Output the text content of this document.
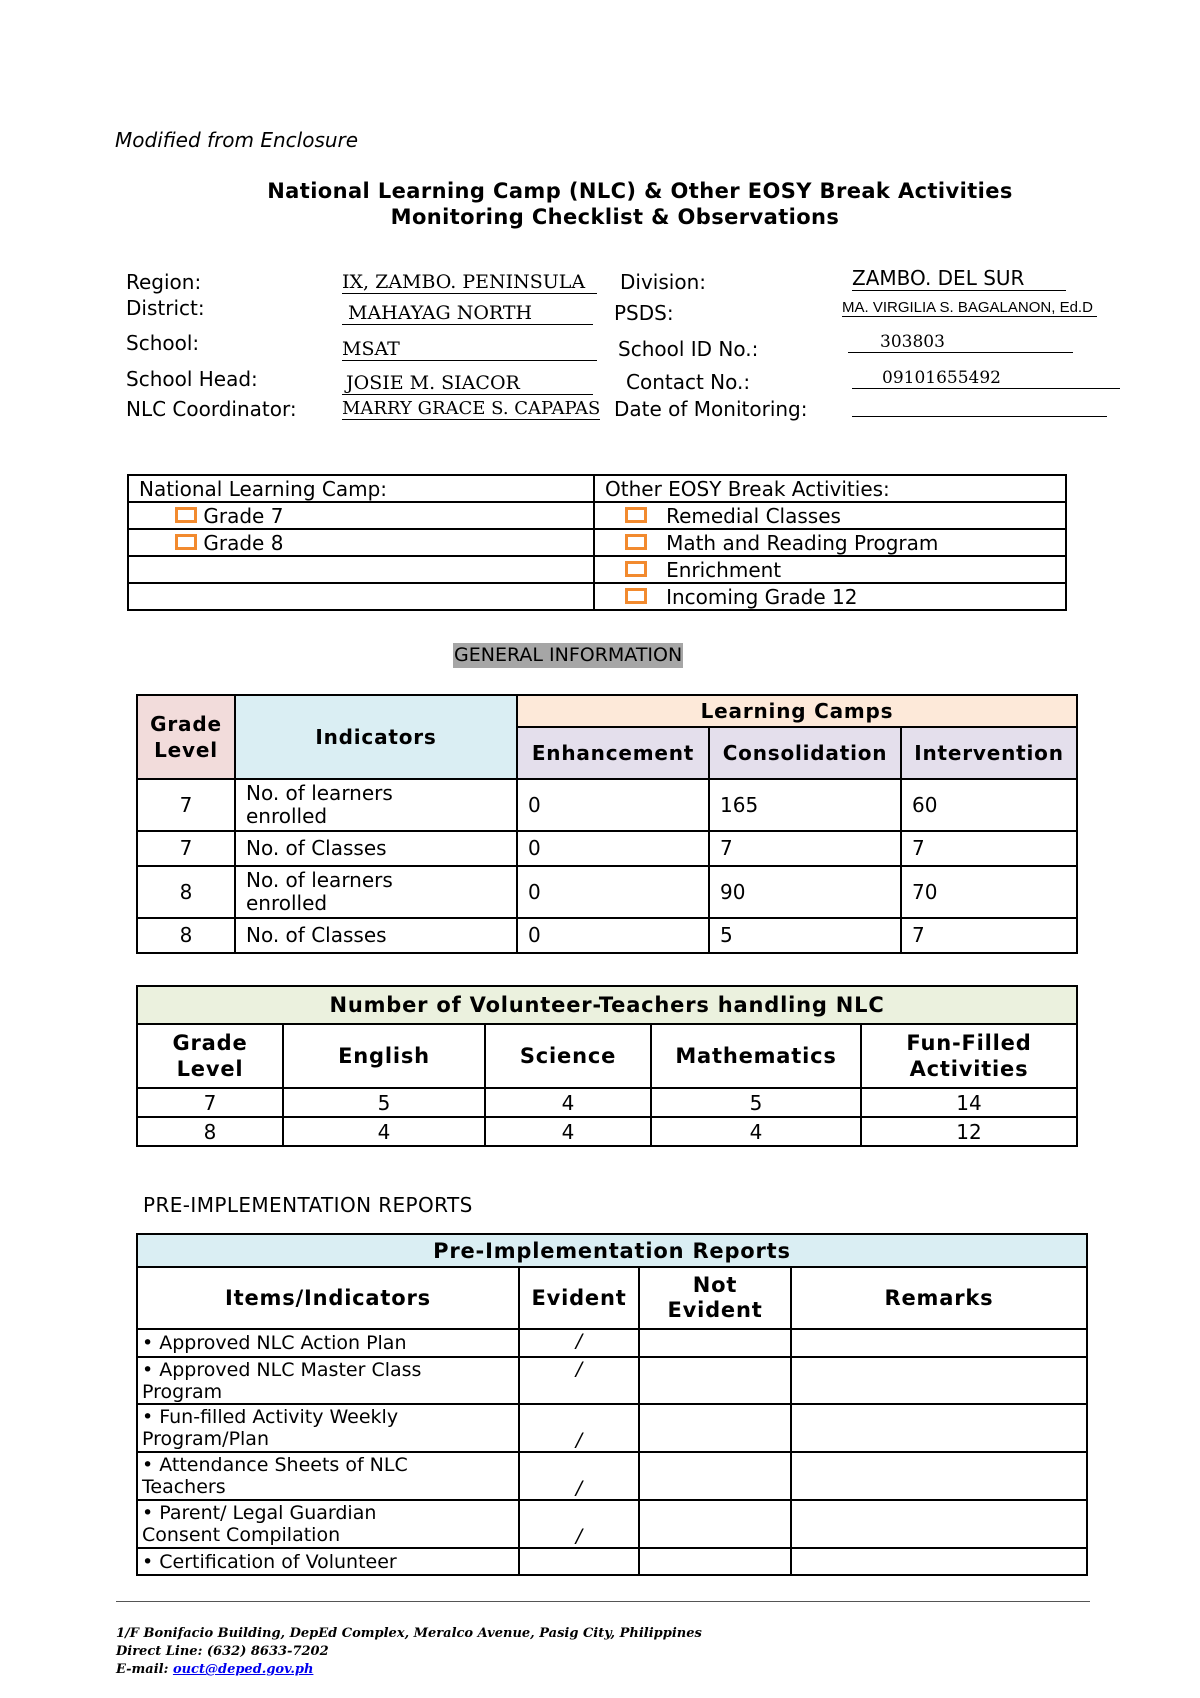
Modified from Enclosure
National Learning Camp (NLC) & Other EOSY Break Activities
Monitoring Checklist & Observations
Region:	IX, ZAMBO. PENINSULA	Division:	ZAMBO. DEL SUR
District:	MAHAYAG NORTH	PSDS:	MA. VIRGILIA S. BAGALANON, Ed.D
School:	MSAT	School ID No.:	303803
School Head:	JOSIE M. SIACOR	Contact No.:	09101655492
NLC Coordinator:	MARRY GRACE S. CAPAPAS Date of Monitoring:
National Learning Camp:	Other EOSY Break Activities:
Grade 7	Remedial Classes
Grade 8	Math and Reading Program
	Enrichment
	Incoming Grade 12
GENERAL INFORMATION
Grade Level	Indicators	Learning Camps		
		Enhancement	Consolidation	Intervention
7	No. of learners enrolled	0	165	60
7	No. of Classes	0	7	7
8	No. of learners enrolled	0	90	70
8	No. of Classes	0	5	7
Number of Volunteer-Teachers handling NLC				
Grade Level	English	Science	Mathematics	Fun-Filled Activities
7	5	4	5	14
8	4	4	4	12
PRE-IMPLEMENTATION REPORTS
Pre-Implementation Reports			
Items/Indicators	Evident	Not Evident	Remarks
• Approved NLC Action Plan	/		
• Approved NLC Master Class Program	/		
• Fun-filled Activity Weekly Program/Plan	/		
• Attendance Sheets of NLC Teachers	/		
• Parent/ Legal Guardian Consent Compilation	/		
• Certification of Volunteer			
1/F Bonifacio Building, DepEd Complex, Meralco Avenue, Pasig City, Philippines
Direct Line: (632) 8633-7202
E-mail: ouct@deped.gov.ph
